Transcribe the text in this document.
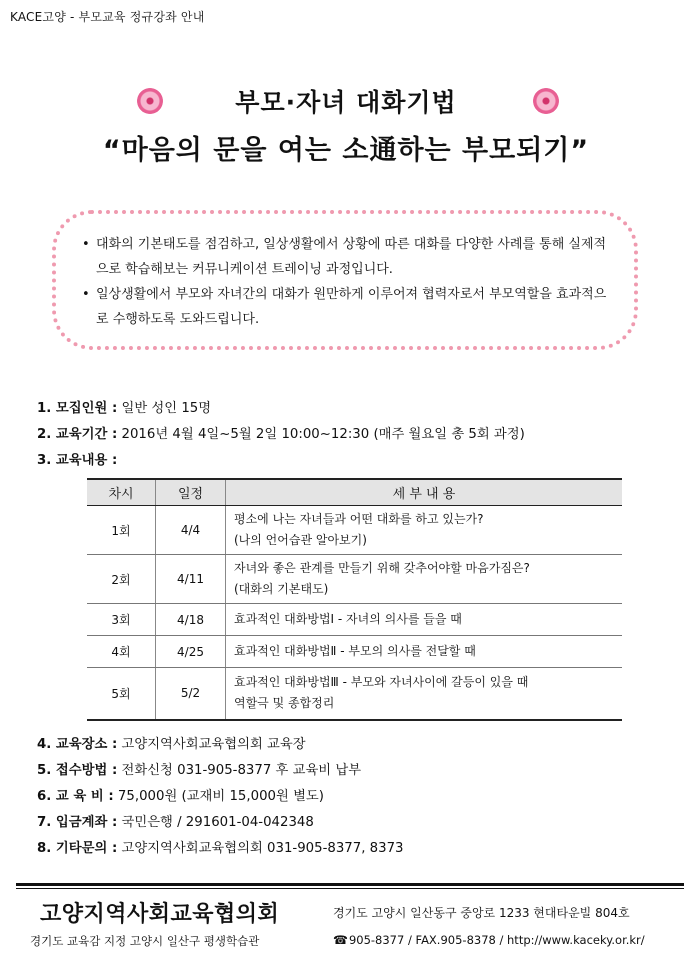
KACE고양 - 부모교육 정규강좌 안내
부모·자녀 대화기법
“마음의 문을 여는 소通하는 부모되기”
• 대화의 기본태도를 점검하고, 일상생활에서 상황에 따른 대화를 다양한 사례를 통해 실제적으로 학습해보는 커뮤니케이션 트레이닝 과정입니다.
• 일상생활에서 부모와 자녀간의 대화가 원만하게 이루어져 협력자로서 부모역할을 효과적으로 수행하도록 도와드립니다.
1. 모집인원 : 일반 성인 15명
2. 교육기간 : 2016년 4월 4일~5월 2일 10:00~12:30 (매주 월요일 총 5회 과정)
3. 교육내용 :
차시	일정	세 부 내 용
1회	4/4	평소에 나는 자녀들과 어떤 대화를 하고 있는가?
(나의 언어습관 알아보기)

2회	4/11	자녀와 좋은 관계를 만들기 위해 갖추어야할 마음가짐은?
(대화의 기본태도)

3회	4/18	효과적인 대화방법Ⅰ - 자녀의 의사를 들을 때
4회	4/25	효과적인 대화방법Ⅱ - 부모의 의사를 전달할 때
5회	5/2	효과적인 대화방법Ⅲ - 부모와 자녀사이에 갈등이 있을 때
역할극 및 종합정리
4. 교육장소 : 고양지역사회교육협의회 교육장
5. 접수방법 : 전화신청 031-905-8377 후 교육비 납부
6. 교 육 비 : 75,000원 (교재비 15,000원 별도)
7. 입금계좌 : 국민은행 / 291601-04-042348
8. 기타문의 : 고양지역사회교육협의회 031-905-8377, 8373
고양지역사회교육협의회	경기도 고양시 일산동구 중앙로 1233 현대타운빌 804호
경기도 교육감 지정 고양시 일산구 평생학습관	☎905-8377 / FAX.905-8378 / http://www.kaceky.or.kr/
